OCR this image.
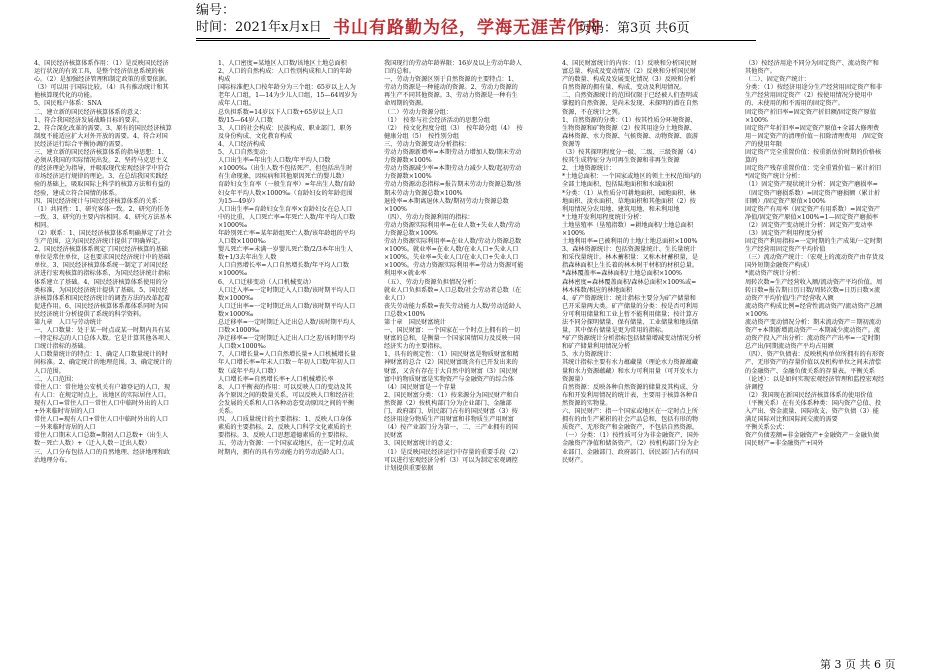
编号：
时间：2021年x月x日 书山有路勤为径，学海无涯苦作舟
页码：第3页 共6页

4、国民经济核算体系作用：（1）是反映国民经济运行状况的有效工具，是整个经济信息系统的核心。（2）是加强经济管理和制定政策的重要依据。（3）可以用于国际比较。（4）具有推动统计和其他核算现代化的功能。

5、国民账户体系：SNA

二、建立新的国民经济核算体系的意义：

1、符合我国经济发展战略目标的要求。

2、符合深化改革的需要。3、原有的国民经济核算制度不能适应扩大对外开放的需要。4、符合对国民经济运行综合平衡协调的需要。

三、建立新的国民经济核算体系的指导思想：1、必须从我国的实际情况出发。2、坚持马克思主义的经济理论为指导，并吸取现代宏观经济学中符合市场经济运行规律的理论。3、在总结我国实践经验的基础上，吸取国际上科学的核算方法和有益的经验，建成立符合国情的体系。

四、国民经济统计与国民经济核算体系的关系：（1）共同性：1、研究客体一致。2、研究的任务一致。3、研究的主要内容相同。4、研究方法基本相同。

（2）联系：1、国民经济核算体系明确界定了社会生产范围，这为国民经济统计提供了明确界定。2、国民经济核算体系规定了国民经济核算的基础单位是常住单位，这也要求国民经济统计中的基础单位。3、国民经济核算体系统一制定了对国民经济进行宏观核算的指标体系，为国民经济统计指标体系建立了基础。4、国民经济核算体系使用的分类标准，为国民经济统计提供了基础。5、国民经济核算体系和国民经济统计的调查方法的改革起着促进作用。6、国民经济核算体系都体系同时为国民经济统计分析提供了系统的科学资料。

第九章　人口与劳动统计

一、人口数量：处于某一时点或某一时期内具有某一特定标志的人口总体人数。它是计算其他各项人口统计指标的基础。

人口数量统计的特点：1、确定人口数量统计的时间标准。2、确定统计的地理范围。3、确定统计的人口范围。

二、人口范围：

常住人口：常住地公安机关有户籍登记的人口，现有人口：在规定时点上，该地区的实际居住人口。

现有人口=常住人口－常住人口中临时外出的人口+外来临时寄居的人口

常住人口=现有人口+常住人口中临时外出的人口－外来临时寄居的人口

常住人口期末人口总数=期初人口总数+（出生人数－死亡人数）+（迁入人数－迁出人数）

三、人口分布包括人口的自然地理、经济地理和政治地理分布。

1、人口密度=某地区人口数/该地区土地总面积

2、人口的自然构成：人口性别构成和人口的年龄构成

国际标准把人口按年龄分为三个组：65岁以上人为老年人口组，1—14为少儿人口组，15—64周岁为成年人口组。

总负担系数=14岁以下人口数+65岁以上人口数/15—64岁人口数

3、人口的社会构成：民族构成、职业部门、职务及身份构成、文化教育构成

4、人口经济构成

5、人口自然变动：

人口出生率=年出生人口数/年平均人口数×1000‰（出生人数不包括死产，但包括出生时有生命现象，因疾病和其他原因死亡的婴儿数）

育龄妇女生育率（一般生育率）=年出生人数/育龄妇女年平均人数×1000‰（育龄妇女的年龄范围为15—49岁）

人口出生率=育龄妇女生育率×育龄妇女在总人口中的比重，人口死亡率=年死亡人数/年平均人口数×1000‰

年龄别死亡率=某年龄组死亡人数/该年龄组的平均人口数×1000‰

婴儿死亡率=未满一岁婴儿死亡数/2/3本年出生人数+1/3去年出生人数

人口自然增长率=人口自然增长数/年平均人口数×1000‰

6、人口迁移变动（人口机械变动）

人口迁入率=一定时期迁入人口数/该时期平均人口数×1000‰

人口迁出率=一定时期迁出人口数/该时期平均人口数×1000‰

总迁移率=一定时期迁入迁出总人数/该时期平均人口数×1000‰

净迁移率=一定时期迁入迁出人口之差/该时期平均人口数×1000‰

7、人口增长量=人口自然增长量+人口机械增长量

年人口增长率=年末人口数－年初人口数/年初人口数（或年平均人口数）

人口增长率=自然增长率+人口机械增长率

8、人口平衡表的作用：可以反映人口的变动及其各个原因之间的数量关系，可以反映人口和经济社会发展的关系和人口各种动态变动原因之间的平衡关系。

四、人口质量统计的主要指标：1、反映人口身体素质的主要指标。2、反映人口科学文化素质的主要指标。3、反映人口思想道德素质的主要指标。

五、劳动力资源：一个国家或地区，在一定时点或时期内，拥有的具有劳动能力的劳动适龄人口。

我国现行的劳动年龄界限：16岁及以上劳动年龄人口的总和。

一、劳动力资源区别于自然资源的主要特点：1、劳动力资源是一种能动的资源。2、劳动力资源的再生产不同其他资源。3、劳动力资源是一种有生命周期的资源。

（二）劳动力资源分组：

（1）　按参与社会经济活动的思想分组

（2）　按文化程度分组（3）　按年龄分组（4）　按健康分组（5）　按性别分组

三、劳动力资源变动分析指标：

劳动力资源新增率=本期劳动力增加人数/期末劳动力资源数×100%

劳动力资源减少率=本期劳动力减少人数/起初劳动力资源数×100%

劳动力资源动态指标=报告期末劳动力资源总数/基期末劳动力资源总数×100%

退役率=本期离退休人数/期初劳动力资源总数×100%

（四）、劳动力资源利用的指标：

劳动力资源实际利用率=在业人数+失业人数/劳动力资源总数×100%

劳动力资源实际利用率=在业人数/劳动力资源总数×100%。就业率=在业人数/在业人口+失业人口×100%。失业率=失业人口/在业人口+失业人口×100%。劳动力资源实际利用率=劳动力资源可能利用率×就业率

（五）、劳动力资源负担情况分析：

就业人口负担系数=人口总数/社会劳动者总数（在业人口）

丧失劳动能力系数=丧失劳动能力人数/劳动适龄人口总数×100%

第十章　国民财富统计

一、国民财富：一个国家在一个时点上拥有的一切财富的总和，是衡量一个国家国情国力及反映一国经济实力的主要指标。

1、具有的规定性：（1）国民财富是物质财富和精神财富的总合（2）国民财富既含有已开发出来的财富，又含有存在于大自然中的财富（3）国民财富中的物质财富是实物资产与金融资产的综合体（4）国民财富是一个存量

2、国民财富分类：（1）按来源分为国民财产和自然资源（2）按机构部门分为企业部门、金融部门、政府部门、居民部门占有的国民财富（3）按经济用途分物质生产用财富和非物质生产用财富（4）按产业部门分为第一、二、三产业拥有的国民财富

3、国民财富统计的意义：

（1）是反映国民经济运行中存量的重要手段（2）可以进行宏观经济分析（3）可以为制定宏观调控计划提供重要依据

4、国民财富统计的内容：（1）反映和分析国民财富总量、构成及变动情况（2）反映和分析国民财产的数量、构成及发展变化情况（3）反映和分析自然资源的拥有量、构成、变动及利用情况。

二、自然资源统计的范围仅限于已经被人们查明或掌握的自然资源，是尚未发现、未探明的潜在自然资源，不在统计之列。

1、自然资源的分类：（1）按其性质分环境资源、生物资源和矿物资源（2）按其用途分土地资源、森林资源、水力资源、气候资源、动物资源、旅游资源等

（3）按其探明程度分一级、二级、三级资源（4）按其生成特征分为可再生资源和非再生资源

2、土地资源统计：

*土地总面积：一个国家或地区的领土主权范围内的全部土地面积，包括陆地面积和水域面积

*分类：（1）从性质分可耕地面积、园地面积、林地面积、淡水面积、草地面积和其他面积（2）按利用情况分农用地、建筑用地、和未利用地

*土地开发利用程度统计分析：

土地垦殖率（垦殖指数）=耕地面积/土地总面积×100%

土地利用率=已被利用的土地/土地总面积×100%

3、森林资源统计：包括资源量统计、生长量统计和采伐量统计。林木蓄积量：又称木材蓄积量，是指森林面积上生长着的林木树干材积的材积总量。

*森林覆盖率=森林面积/土地总面积×100%

森林密度=森林覆盖面积/森林总面积×100%或=林木株数/相应的林地面积

4、矿产资源统计：统计指标主要分为矿产储量和已开采量两大类。矿产储量的分类：按是否可利用分可利用储量和工业上暂不能利用储量；按计算方法不同分探明储量、保有储量、工业储量和地质储量，其中保有储量是更为常用的指标。

*矿产资源统计分析指标包括储量增减变动情况分析和矿产储量利用情况分析

5、水力资源统计：

其统计指标主要有水力蕴藏量（理论水力资源蕴藏量和水力资源蕴藏）和水力可利用量（可开发水力资源量）

自然资源：反映各种自然资源的储量及其构成、分布和开发利用情况的统计表，主要用于核算各种自然资源的实物量。

六、国民财产：指一个国家或地区在一定时点上所拥有的由生产累积的社会产品总和，包括有形的物质资产、无形资产和金融资产，不包括自然资源。

（一）分类：（1）按性质可分为非金融资产、国外金融资产净值和储备资产。（2）按机构部门分为企业部门、金融部门、政府部门、居民部门占有的国民财产。

（3）按经济用途不同分为固定资产、流动资产和其他资产。

（二）、固定资产统计：

分类：（1）按经济用途分生产经营用固定资产和非生产经营用固定资产（2）按使用情况分使用中的、未使用的和不需用的固定资产。

固定资产折旧率=固定资产折旧额/固定资产原值×100%

固定资产年折旧率=固定资产原值+全部大修理费用－固定资产的清理价值－扣除清理费用　/固定资产的使用年限

固定资产完全重置价值：按重新估价时期的价格核算的

固定资产残存重置价值：完全重置价值－累计折旧

*固定资产统计分析：

（1）固定资产现状统计分析：固定资产磨损率=（固定资产磨损系数）=固定资产磨损额（累计折旧额）/固定资产原值×100%

固定资产有用率（固定资产有用系数）=固定资产净值/固定资产原值×100%=1—固定资产磨损率

（2）固定资产变动统计分析：固定资产变动率

（3）固定资产利用程度分析

固定资产利用指标=一定时期的生产成果/一定时期生产经营用固定资产平均价值

（三）流动资产统计：（宏观上的流动资产由存货及国外短期金融资产构成）

*流动资产统计分析：

周转次数=生产经营收入额/流动资产平均价值。周转日数=报告期日历日数/周转次数=日历日数×流动资产平均价值/生产经营收入额

流动资产构成比例=经营性流动资产/流动资产总额×100%

流动资产变动情况分析：期末流动资产＝期初流动资产+本期新增流动资产－本期减少流动资产。流动资产投入产出分析：流动资产产出率=一定时期总产出/同期流动资产平均占用额

（四）、资产负债表：反映机构单位所拥有的有形资产、无形资产的存量价值以及机构单位之间未清偿的金融资产、金融负债关系的存量表。平衡关系（论述）：以是如何实现宏观经济管理和监控宏观经济调控

（2）我国现在新国民经济核算体系的使用价值（平衡关系）在有关体系种类：国内资产总值、投入产出、资金流量、国际收支、资产负债（3）能满足国际对比和国际间交流的需要

平衡关系公式：

资产负债差额=非金融资产+金融资产－金融负债　　国民财产=非金融资产+国外

第 3 页 共 6 页
